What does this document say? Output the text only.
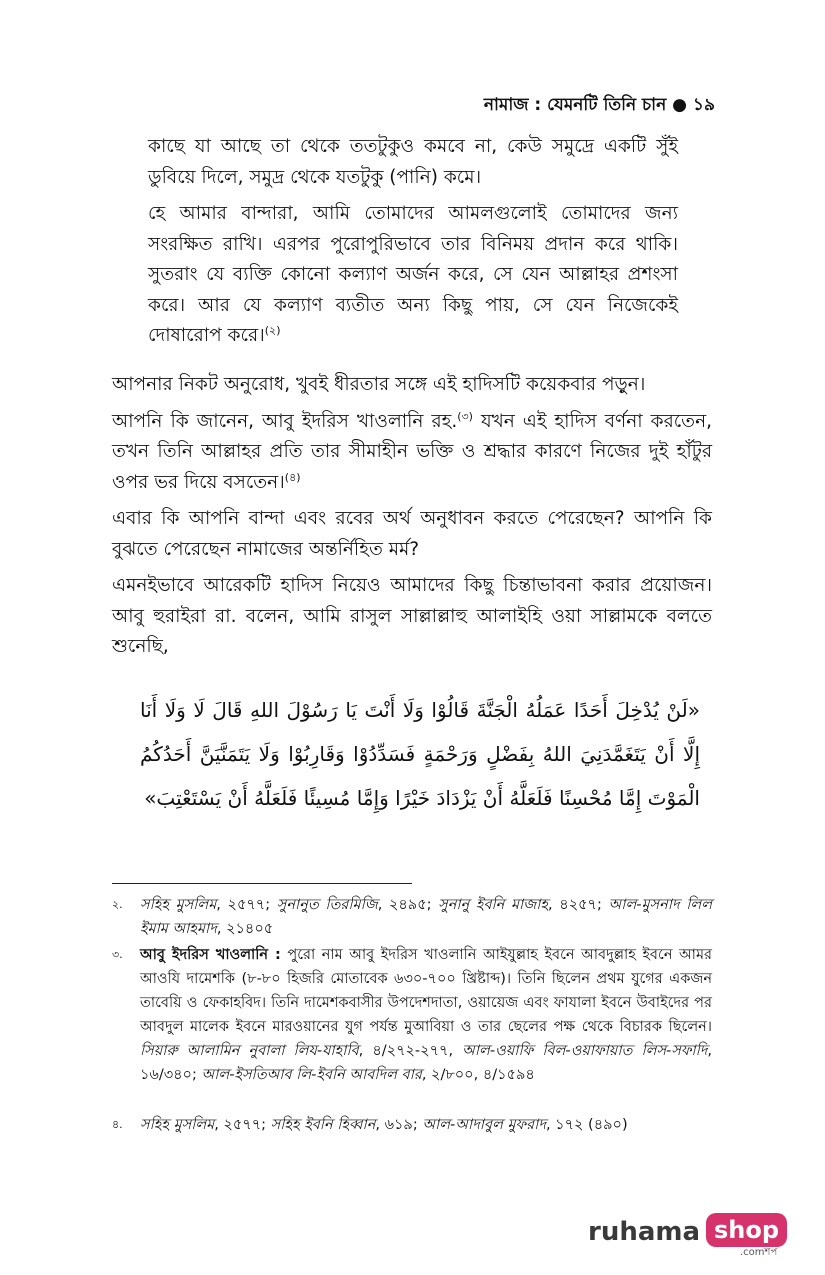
নামাজ : যেমনটি তিনি চান ● ১৯

কাছে যা আছে তা থেকে ততটুকুও কমবে না, কেউ সমুদ্রে একটি সুঁই ডুবিয়ে দিলে, সমুদ্র থেকে যতটুকু (পানি) কমে।

হে আমার বান্দারা, আমি তোমাদের আমলগুলোই তোমাদের জন্য সংরক্ষিত রাখি। এরপর পুরোপুরিভাবে তার বিনিময় প্রদান করে থাকি। সুতরাং যে ব্যক্তি কোনো কল্যাণ অর্জন করে, সে যেন আল্লাহর প্রশংসা করে। আর যে কল্যাণ ব্যতীত অন্য কিছু পায়, সে যেন নিজেকেই দোষারোপ করে।$^{(২)}$

আপনার নিকট অনুরোধ, খুবই ধীরতার সঙ্গে এই হাদিসটি কয়েকবার পড়ুন।

আপনি কি জানেন, আবু ইদরিস খাওলানি রহ.$^{(৩)}$ যখন এই হাদিস বর্ণনা করতেন, তখন তিনি আল্লাহর প্রতি তার সীমাহীন ভক্তি ও শ্রদ্ধার কারণে নিজের দুই হাঁটুর ওপর ভর দিয়ে বসতেন।$^{(৪)}$

এবার কি আপনি বান্দা এবং রবের অর্থ অনুধাবন করতে পেরেছেন? আপনি কি বুঝতে পেরেছেন নামাজের অন্তর্নিহিত মর্ম?

এমনইভাবে আরেকটি হাদিস নিয়েও আমাদের কিছু চিন্তাভাবনা করার প্রয়োজন। আবু হুরাইরা রা. বলেন, আমি রাসুল সাল্লাল্লাহু আলাইহি ওয়া সাল্লামকে বলতে শুনেছি,

«لَنْ يُدْخِلَ أَحَدًا عَمَلُهُ الْجَنَّةَ قَالُوْا وَلَا أَنْتَ يَا رَسُوْلَ اللهِ قَالَ لَا وَلَا أَنَا إِلَّا أَنْ يَتَغَمَّدَنِيَ اللهُ بِفَضْلٍ وَرَحْمَةٍ فَسَدِّدُوْا وَقَارِبُوْا وَلَا يَتَمَنَّيَنَّ أَحَدُكُمُ الْمَوْتَ إِمَّا مُحْسِنًا فَلَعَلَّهُ أَنْ يَزْدَادَ خَيْرًا وَإِمَّا مُسِيئًا فَلَعَلَّهُ أَنْ يَسْتَعْتِبَ»
২. সহিহ মুসলিম, ২৫৭৭; সুনানুত তিরমিজি, ২৪৯৫; সুনানু ইবনি মাজাহ, ৪২৫৭; আল-মুসনাদ লিল ইমাম আহমাদ, ২১৪০৫
৩. আবু ইদরিস খাওলানি : পুরো নাম আবু ইদরিস খাওলানি আইযুল্লাহ ইবনে আবদুল্লাহ ইবনে আমর আওযি দামেশকি (৮-৮০ হিজরি মোতাবেক ৬৩০-৭০০ খ্রিষ্টাব্দ)। তিনি ছিলেন প্রথম যুগের একজন তাবেয়ি ও ফেকাহবিদ। তিনি দামেশকবাসীর উপদেশদাতা, ওয়ায়েজ এবং ফাযালা ইবনে উবাইদের পর আবদুল মালেক ইবনে মারওয়ানের যুগ পর্যন্ত মুআবিয়া ও তার ছেলের পক্ষ থেকে বিচারক ছিলেন। সিয়ারু আলামিন নুবালা লিয-যাহাবি, ৪/২৭২-২৭৭, আল-ওয়াফি বিল-ওয়াফায়াত লিস-সফাদি, ১৬/৩৪০; আল-ইসতিআব লি-ইবনি আবদিল বার, ২/৮০০, ৪/১৫৯৪
৪. সহিহ মুসলিম, ২৫৭৭; সহিহ ইবনি হিব্বান, ৬১৯; আল-আদাবুল মুফরাদ, ১৭২ (৪৯০)
ruhama shop
.comশপ
